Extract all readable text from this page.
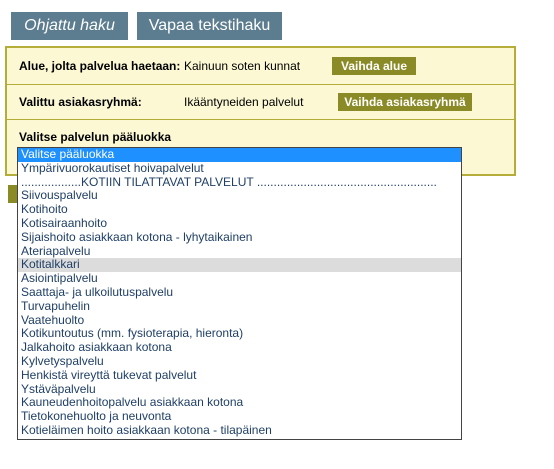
Ohjattu haku	Vapaa tekstihaku
Alue, jolta palvelua haetaan: Kainuun soten kunnat	Vaihda alue
Valittu asiakasryhmä:	Ikääntyneiden palvelut	Vaihda asiakasryhmä
Valitse palvelun pääluokka
Valitse pääluokka
Ympärivuorokautiset hoivapalvelut
..................KOTIIN TILATTAVAT PALVELUT ......................................................
Siivouspalvelu
Kotihoito
Kotisairaanhoito
Sijaishoito asiakkaan kotona - lyhytaikainen
Ateriapalvelu
Kotitalkkari
Asiointipalvelu
Saattaja- ja ulkoilutuspalvelu
Turvapuhelin
Vaatehuolto
Kotikuntoutus (mm. fysioterapia, hieronta)
Jalkahoito asiakkaan kotona
Kylvetyspalvelu
Henkistä vireyttä tukevat palvelut
Ystäväpalvelu
Kauneudenhoitopalvelu asiakkaan kotona
Tietokonehuolto ja neuvonta
Kotieläimen hoito asiakkaan kotona - tilapäinen
